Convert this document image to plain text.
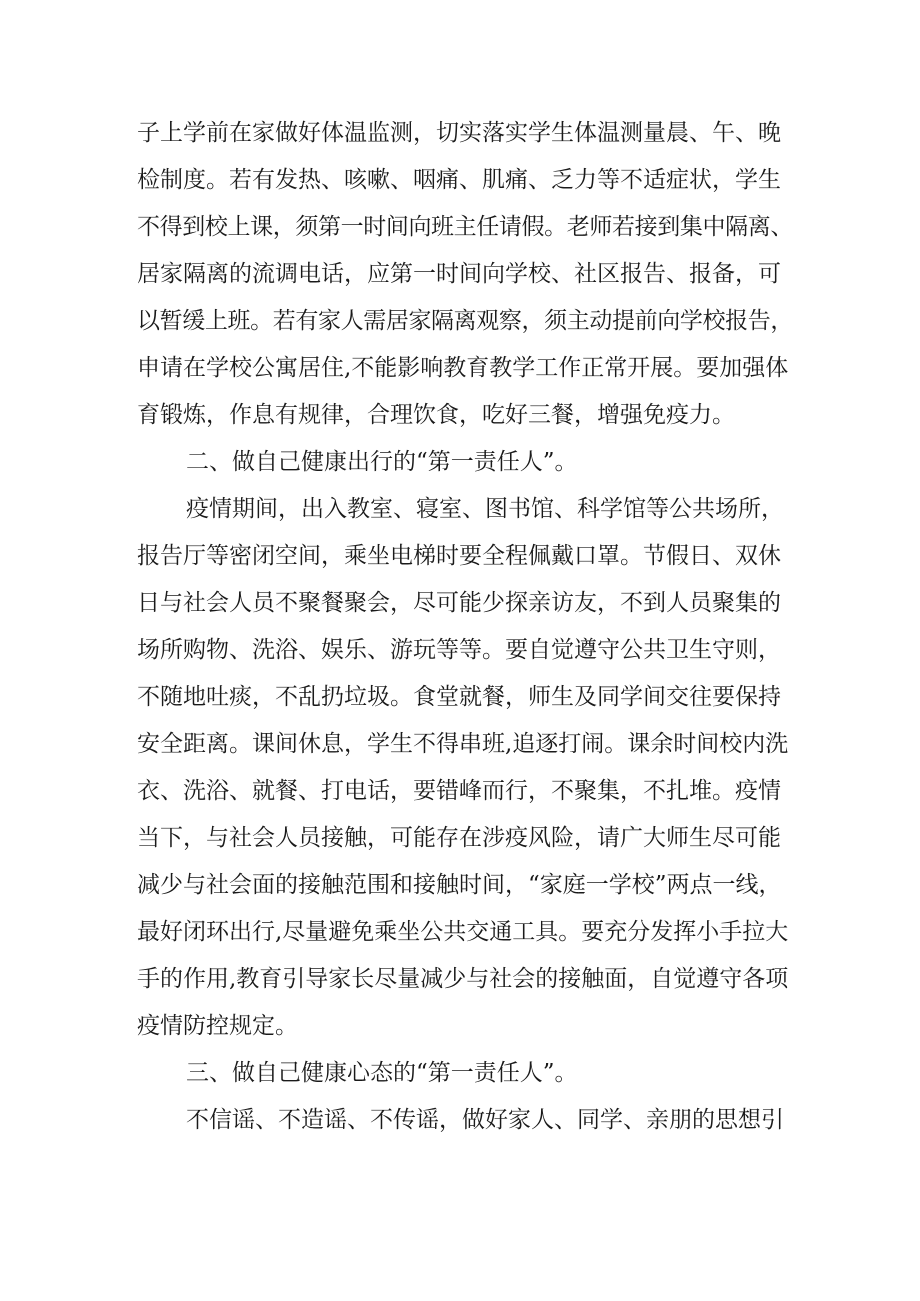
子上学前在家做好体温监测，切实落实学生体温测量晨、午、晚
检制度。若有发热、咳嗽、咽痛、肌痛、乏力等不适症状，学生
不得到校上课，须第一时间向班主任请假。老师若接到集中隔离、
居家隔离的流调电话，应第一时间向学校、社区报告、报备，可
以暂缓上班。若有家人需居家隔离观察，须主动提前向学校报告，
申请在学校公寓居住,不能影响教育教学工作正常开展。要加强体
育锻炼，作息有规律，合理饮食，吃好三餐，增强免疫力。
二、做自己健康出行的“第一责任人”。
疫情期间，出入教室、寝室、图书馆、科学馆等公共场所，
报告厅等密闭空间，乘坐电梯时要全程佩戴口罩。节假日、双休
日与社会人员不聚餐聚会，尽可能少探亲访友，不到人员聚集的
场所购物、洗浴、娱乐、游玩等等。要自觉遵守公共卫生守则，
不随地吐痰，不乱扔垃圾。食堂就餐，师生及同学间交往要保持
安全距离。课间休息，学生不得串班,追逐打闹。课余时间校内洗
衣、洗浴、就餐、打电话，要错峰而行，不聚集，不扎堆。疫情
当下，与社会人员接触，可能存在涉疫风险，请广大师生尽可能
减少与社会面的接触范围和接触时间，“家庭一学校”两点一线，
最好闭环出行,尽量避免乘坐公共交通工具。要充分发挥小手拉大
手的作用,教育引导家长尽量减少与社会的接触面，自觉遵守各项
疫情防控规定。
三、做自己健康心态的“第一责任人”。
不信谣、不造谣、不传谣，做好家人、同学、亲朋的思想引
